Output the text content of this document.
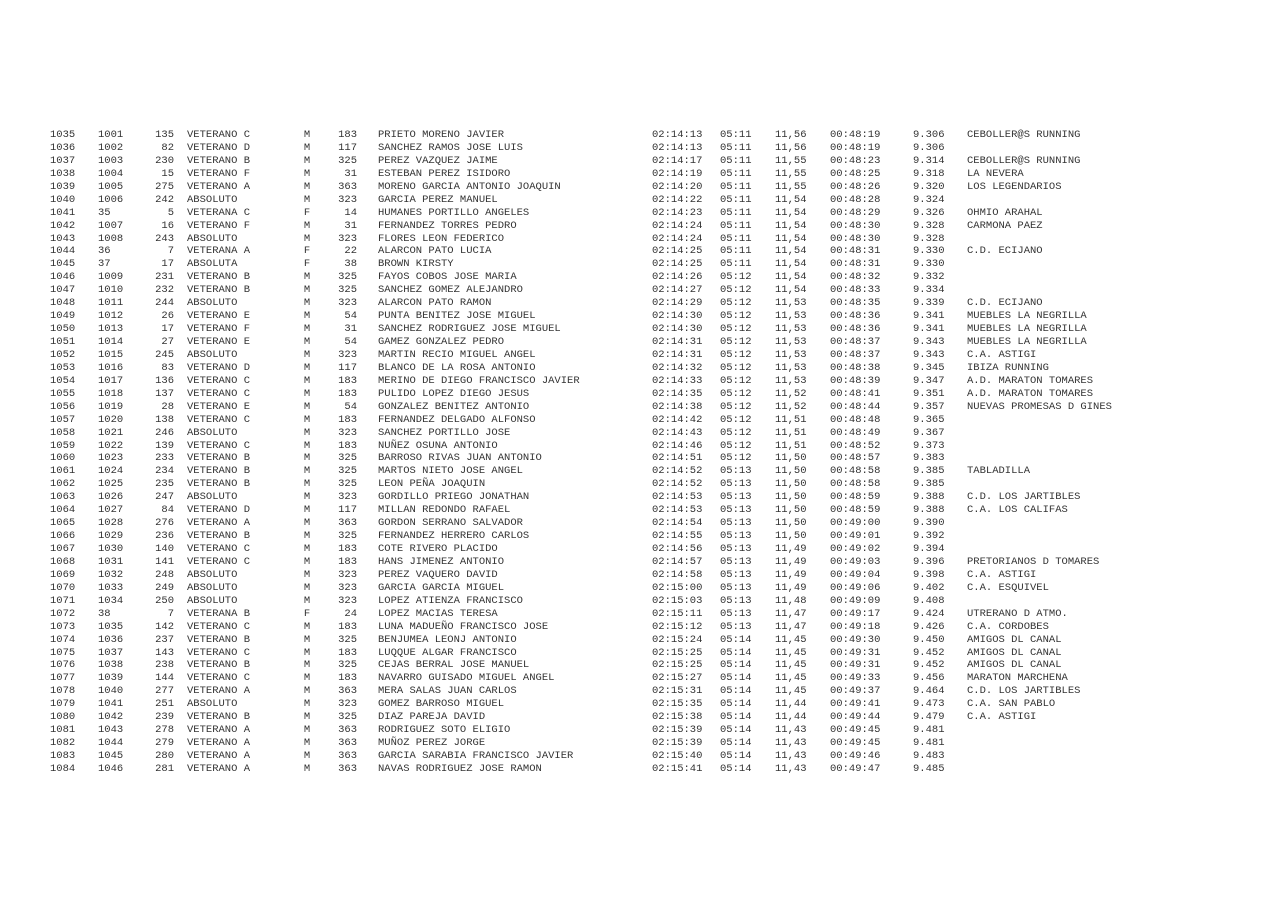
1035 1001	135 VETERANO C	M	183 PRIETO MORENO JAVIER	02:14:13 05:11 11,56 00:48:19	9.306 CEBOLLER@S RUNNING
1036 1002	82 VETERANO D	M	117 SANCHEZ RAMOS JOSE LUIS	02:14:13 05:11 11,56 00:48:19	9.306
1037 1003	230 VETERANO B	M	325 PEREZ VAZQUEZ JAIME	02:14:17 05:11 11,55 00:48:23	9.314 CEBOLLER@S RUNNING
1038 1004	15 VETERANO F	M	31 ESTEBAN PEREZ ISIDORO	02:14:19 05:11 11,55 00:48:25	9.318 LA NEVERA
1039 1005	275 VETERANO A	M	363 MORENO GARCIA ANTONIO JOAQUIN	02:14:20 05:11 11,55 00:48:26	9.320 LOS LEGENDARIOS
1040 1006	242 ABSOLUTO	M	323 GARCIA PEREZ MANUEL	02:14:22 05:11 11,54 00:48:28	9.324
1041 35	5 VETERANA C	F	14 HUMANES PORTILLO ANGELES	02:14:23 05:11 11,54 00:48:29	9.326 OHMIO ARAHAL
1042 1007	16 VETERANO F	M	31 FERNANDEZ TORRES PEDRO	02:14:24 05:11 11,54 00:48:30	9.328 CARMONA PAEZ
1043 1008	243 ABSOLUTO	M	323 FLORES LEON FEDERICO	02:14:24 05:11 11,54 00:48:30	9.328
1044 36	7 VETERANA A	F	22 ALARCON PATO LUCIA	02:14:25 05:11 11,54 00:48:31	9.330 C.D. ECIJANO
1045 37	17 ABSOLUTA	F	38 BROWN KIRSTY	02:14:25 05:11 11,54 00:48:31	9.330
1046 1009	231 VETERANO B	M	325 FAYOS COBOS JOSE MARIA	02:14:26 05:12 11,54 00:48:32	9.332
1047 1010	232 VETERANO B	M	325 SANCHEZ GOMEZ ALEJANDRO	02:14:27 05:12 11,54 00:48:33	9.334
1048 1011	244 ABSOLUTO	M	323 ALARCON PATO RAMON	02:14:29 05:12 11,53 00:48:35	9.339 C.D. ECIJANO
1049 1012	26 VETERANO E	M	54 PUNTA BENITEZ JOSE MIGUEL	02:14:30 05:12 11,53 00:48:36	9.341 MUEBLES LA NEGRILLA
1050 1013	17 VETERANO F	M	31 SANCHEZ RODRIGUEZ JOSE MIGUEL	02:14:30 05:12 11,53 00:48:36	9.341 MUEBLES LA NEGRILLA
1051 1014	27 VETERANO E	M	54 GAMEZ GONZALEZ PEDRO	02:14:31 05:12 11,53 00:48:37	9.343 MUEBLES LA NEGRILLA
1052 1015	245 ABSOLUTO	M	323 MARTIN RECIO MIGUEL ANGEL	02:14:31 05:12 11,53 00:48:37	9.343 C.A. ASTIGI
1053 1016	83 VETERANO D	M	117 BLANCO DE LA ROSA ANTONIO	02:14:32 05:12 11,53 00:48:38	9.345 IBIZA RUNNING
1054 1017	136 VETERANO C	M	183 MERINO DE DIEGO FRANCISCO JAVIER	02:14:33 05:12 11,53 00:48:39	9.347 A.D. MARATON TOMARES
1055 1018	137 VETERANO C	M	183 PULIDO LOPEZ DIEGO JESUS	02:14:35 05:12 11,52 00:48:41	9.351 A.D. MARATON TOMARES
1056 1019	28 VETERANO E	M	54 GONZALEZ BENITEZ ANTONIO	02:14:38 05:12 11,52 00:48:44	9.357 NUEVAS PROMESAS D GINES
1057 1020	138 VETERANO C	M	183 FERNANDEZ DELGADO ALFONSO	02:14:42 05:12 11,51 00:48:48	9.365
1058 1021	246 ABSOLUTO	M	323 SANCHEZ PORTILLO JOSE	02:14:43 05:12 11,51 00:48:49	9.367
1059 1022	139 VETERANO C	M	183 NUÑEZ OSUNA ANTONIO	02:14:46 05:12 11,51 00:48:52	9.373
1060 1023	233 VETERANO B	M	325 BARROSO RIVAS JUAN ANTONIO	02:14:51 05:12 11,50 00:48:57	9.383
1061 1024	234 VETERANO B	M	325 MARTOS NIETO JOSE ANGEL	02:14:52 05:13 11,50 00:48:58	9.385 TABLADILLA
1062 1025	235 VETERANO B	M	325 LEON PEÑA JOAQUIN	02:14:52 05:13 11,50 00:48:58	9.385
1063 1026	247 ABSOLUTO	M	323 GORDILLO PRIEGO JONATHAN	02:14:53 05:13 11,50 00:48:59	9.388 C.D. LOS JARTIBLES
1064 1027	84 VETERANO D	M	117 MILLAN REDONDO RAFAEL	02:14:53 05:13 11,50 00:48:59	9.388 C.A. LOS CALIFAS
1065 1028	276 VETERANO A	M	363 GORDON SERRANO SALVADOR	02:14:54 05:13 11,50 00:49:00	9.390
1066 1029	236 VETERANO B	M	325 FERNANDEZ HERRERO CARLOS	02:14:55 05:13 11,50 00:49:01	9.392
1067 1030	140 VETERANO C	M	183 COTE RIVERO PLACIDO	02:14:56 05:13 11,49 00:49:02	9.394
1068 1031	141 VETERANO C	M	183 HANS JIMENEZ ANTONIO	02:14:57 05:13 11,49 00:49:03	9.396 PRETORIANOS D TOMARES
1069 1032	248 ABSOLUTO	M	323 PEREZ VAQUERO DAVID	02:14:58 05:13 11,49 00:49:04	9.398 C.A. ASTIGI
1070 1033	249 ABSOLUTO	M	323 GARCIA GARCIA MIGUEL	02:15:00 05:13 11,49 00:49:06	9.402 C.A. ESQUIVEL
1071 1034	250 ABSOLUTO	M	323 LOPEZ ATIENZA FRANCISCO	02:15:03 05:13 11,48 00:49:09	9.408
1072 38	7 VETERANA B	F	24 LOPEZ MACIAS TERESA	02:15:11 05:13 11,47 00:49:17	9.424 UTRERANO D ATMO.
1073 1035	142 VETERANO C	M	183 LUNA MADUEÑO FRANCISCO JOSE	02:15:12 05:13 11,47 00:49:18	9.426 C.A. CORDOBES
1074 1036	237 VETERANO B	M	325 BENJUMEA LEONJ ANTONIO	02:15:24 05:14 11,45 00:49:30	9.450 AMIGOS DL CANAL
1075 1037	143 VETERANO C	M	183 LUQQUE ALGAR FRANCISCO	02:15:25 05:14 11,45 00:49:31	9.452 AMIGOS DL CANAL
1076 1038	238 VETERANO B	M	325 CEJAS BERRAL JOSE MANUEL	02:15:25 05:14 11,45 00:49:31	9.452 AMIGOS DL CANAL
1077 1039	144 VETERANO C	M	183 NAVARRO GUISADO MIGUEL ANGEL	02:15:27 05:14 11,45 00:49:33	9.456 MARATON MARCHENA
1078 1040	277 VETERANO A	M	363 MERA SALAS JUAN CARLOS	02:15:31 05:14 11,45 00:49:37	9.464 C.D. LOS JARTIBLES
1079 1041	251 ABSOLUTO	M	323 GOMEZ BARROSO MIGUEL	02:15:35 05:14 11,44 00:49:41	9.473 C.A. SAN PABLO
1080 1042	239 VETERANO B	M	325 DIAZ PAREJA DAVID	02:15:38 05:14 11,44 00:49:44	9.479 C.A. ASTIGI
1081 1043	278 VETERANO A	M	363 RODRIGUEZ SOTO ELIGIO	02:15:39 05:14 11,43 00:49:45	9.481
1082 1044	279 VETERANO A	M	363 MUÑOZ PEREZ JORGE	02:15:39 05:14 11,43 00:49:45	9.481
1083 1045	280 VETERANO A	M	363 GARCIA SARABIA FRANCISCO JAVIER	02:15:40 05:14 11,43 00:49:46	9.483
1084 1046	281 VETERANO A	M	363 NAVAS RODRIGUEZ JOSE RAMON	02:15:41 05:14 11,43 00:49:47	9.485
